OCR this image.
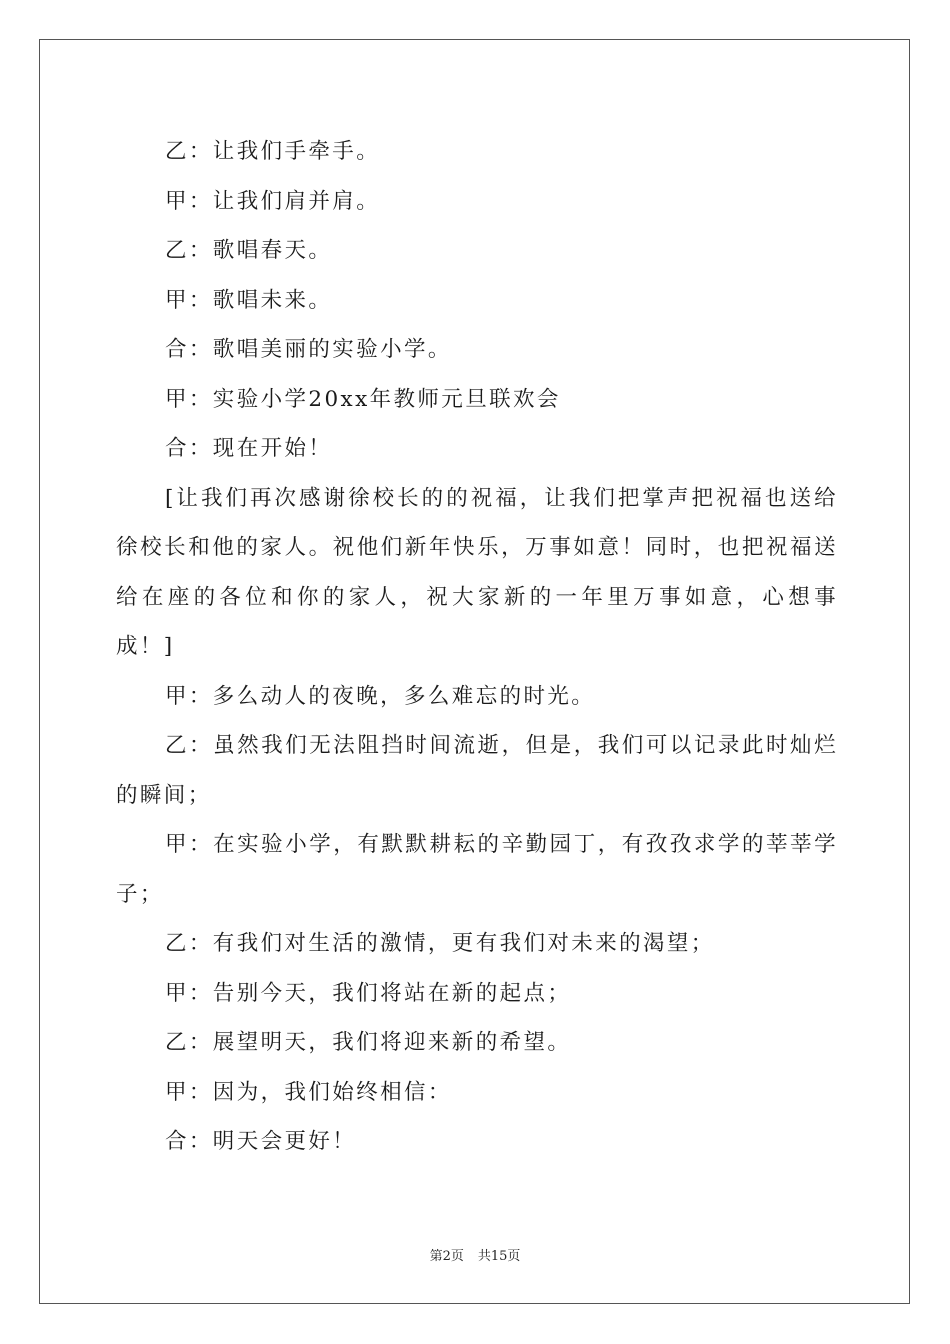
乙：让我们手牵手。

甲：让我们肩并肩。

乙：歌唱春天。

甲：歌唱未来。

合：歌唱美丽的实验小学。

甲：实验小学20xx年教师元旦联欢会

合：现在开始！

[让我们再次感谢徐校长的的祝福，让我们把掌声把祝福也送给徐校长和他的家人。祝他们新年快乐，万事如意！同时，也把祝福送给在座的各位和你的家人，祝大家新的一年里万事如意，心想事成！]

甲：多么动人的夜晚，多么难忘的时光。

乙：虽然我们无法阻挡时间流逝，但是，我们可以记录此时灿烂的瞬间；

甲：在实验小学，有默默耕耘的辛勤园丁，有孜孜求学的莘莘学子；

乙：有我们对生活的激情，更有我们对未来的渴望；

甲：告别今天，我们将站在新的起点；

乙：展望明天，我们将迎来新的希望。

甲：因为，我们始终相信：

合：明天会更好！

第2页 共15页
